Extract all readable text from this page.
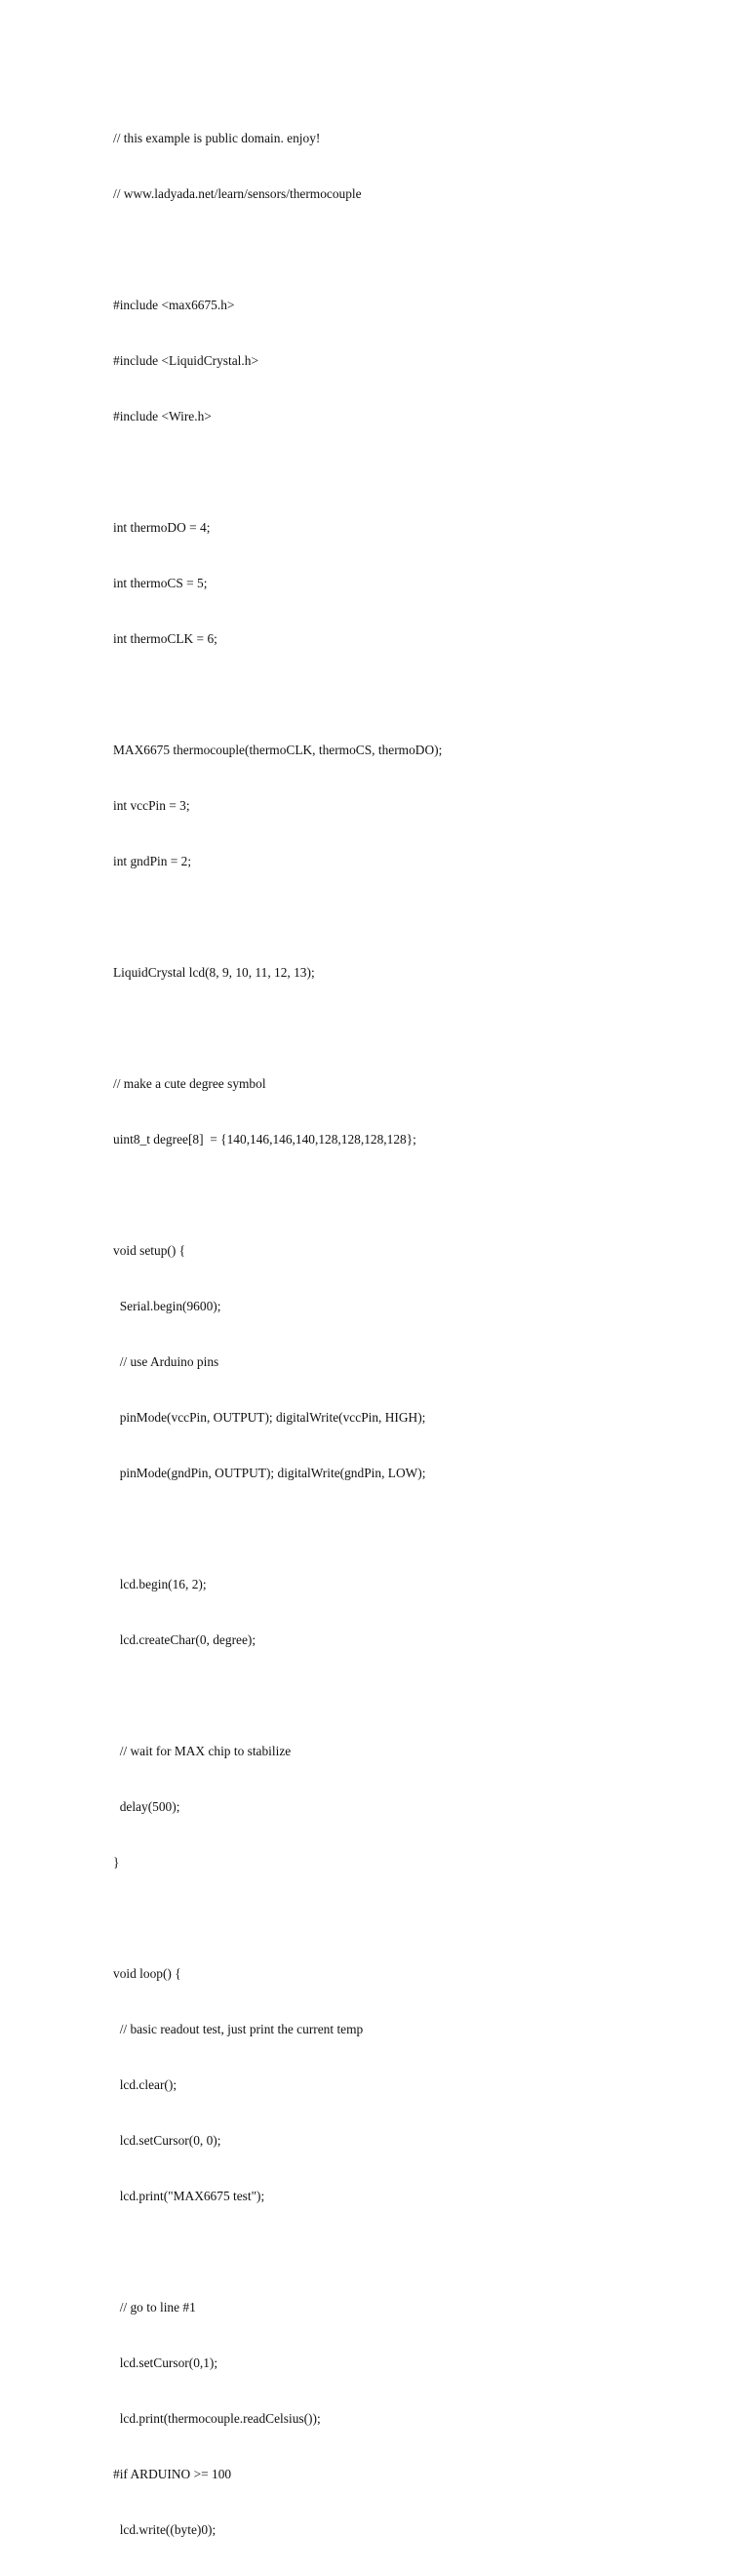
// this example is public domain. enjoy!

// www.ladyada.net/learn/sensors/thermocouple

#include <max6675.h>

#include <LiquidCrystal.h>

#include <Wire.h>

int thermoDO = 4;

int thermoCS = 5;

int thermoCLK = 6;

MAX6675 thermocouple(thermoCLK, thermoCS, thermoDO);

int vccPin = 3;

int gndPin = 2;

LiquidCrystal lcd(8, 9, 10, 11, 12, 13);

// make a cute degree symbol

uint8_t degree[8]  = {140,146,146,140,128,128,128,128};

void setup() {

Serial.begin(9600);

// use Arduino pins

pinMode(vccPin, OUTPUT); digitalWrite(vccPin, HIGH);

pinMode(gndPin, OUTPUT); digitalWrite(gndPin, LOW);

lcd.begin(16, 2);

lcd.createChar(0, degree);

// wait for MAX chip to stabilize

delay(500);

}

void loop() {

// basic readout test, just print the current temp

lcd.clear();

lcd.setCursor(0, 0);

lcd.print("MAX6675 test");

// go to line #1

lcd.setCursor(0,1);

lcd.print(thermocouple.readCelsius());

#if ARDUINO >= 100

lcd.write((byte)0);
